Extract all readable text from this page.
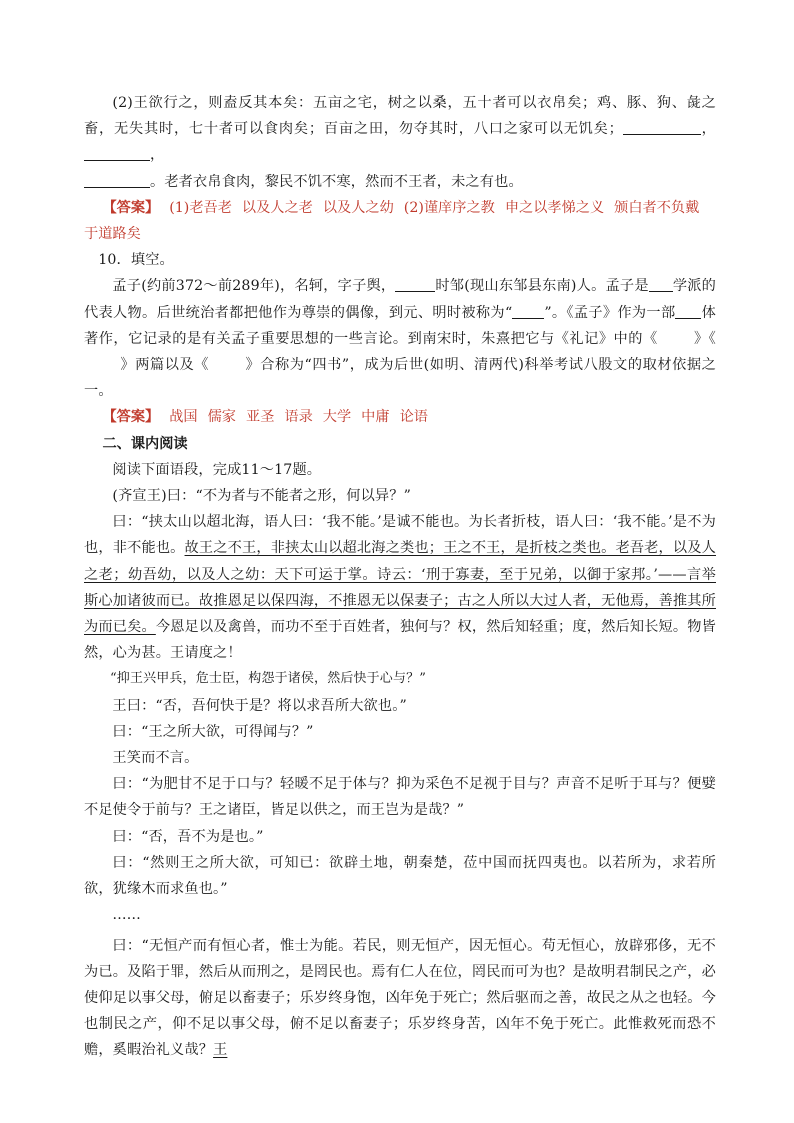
(2)王欲行之，则盍反其本矣：五亩之宅，树之以桑，五十者可以衣帛矣；鸡、豚、狗、彘之畜，无失其时，七十者可以食肉矣；百亩之田，勿夺其时，八口之家可以无饥矣；	，，
。老者衣帛食肉，黎民不饥不寒，然而不王者，未之有也。

【答案】 (1)老吾老 以及人之老 以及人之幼 (2)谨庠序之教 申之以孝悌之义 颁白者不负戴

于道路矣

10．填空。

孟子(约前372～前289年)，名轲，字子舆，	时邹(现山东邹县东南)人。孟子是 学派的代表人物。后世统治者都把他作为尊崇的偶像，到元、明时被称为“ ”。《孟子》作为一部 体著作，它记录的是有关孟子重要思想的一些言论。到南宋时，朱熹把它与《礼记》中的《	》《》两篇以及《	》合称为“四书”，成为后世(如明、清两代)科举考试八股文的取材依据之一。

【答案】 战国 儒家 亚圣 语录 大学 中庸 论语

二、课内阅读

阅读下面语段，完成11～17题。

(齐宣王)曰：“不为者与不能者之形，何以异？”

曰：“挟太山以超北海，语人曰：‘我不能。’是诚不能也。为长者折枝，语人曰：‘我不能。’是不为也，非不能也。故王之不王，非挟太山以超北海之类也；王之不王，是折枝之类也。老吾老，以及人之老；幼吾幼，以及人之幼：天下可运于掌。诗云：‘刑于寡妻，至于兄弟，以御于家邦。’——言举斯心加诸彼而已。故推恩足以保四海，不推恩无以保妻子；古之人所以大过人者，无他焉，善推其所为而已矣。今恩足以及禽兽，而功不至于百姓者，独何与？权，然后知轻重；度，然后知长短。物皆然，心为甚。王请度之！

“抑王兴甲兵，危士臣，构怨于诸侯，然后快于心与？”

王曰：“否，吾何快于是？将以求吾所大欲也。”

曰：“王之所大欲，可得闻与？”

王笑而不言。

曰：“为肥甘不足于口与？轻暖不足于体与？抑为采色不足视于目与？声音不足听于耳与？便嬖不足使令于前与？王之诸臣，皆足以供之，而王岂为是哉？”

曰：“否，吾不为是也。”

曰：“然则王之所大欲，可知已：欲辟土地，朝秦楚，莅中国而抚四夷也。以若所为，求若所欲，犹缘木而求鱼也。”

……

曰：“无恒产而有恒心者，惟士为能。若民，则无恒产，因无恒心。苟无恒心，放辟邪侈，无不为已。及陷于罪，然后从而刑之，是罔民也。焉有仁人在位，罔民而可为也？是故明君制民之产，必使仰足以事父母，俯足以畜妻子；乐岁终身饱，凶年免于死亡；然后驱而之善，故民之从之也轻。今也制民之产，仰不足以事父母，俯不足以畜妻子；乐岁终身苦，凶年不免于死亡。此惟救死而恐不赡，奚暇治礼义哉？王
